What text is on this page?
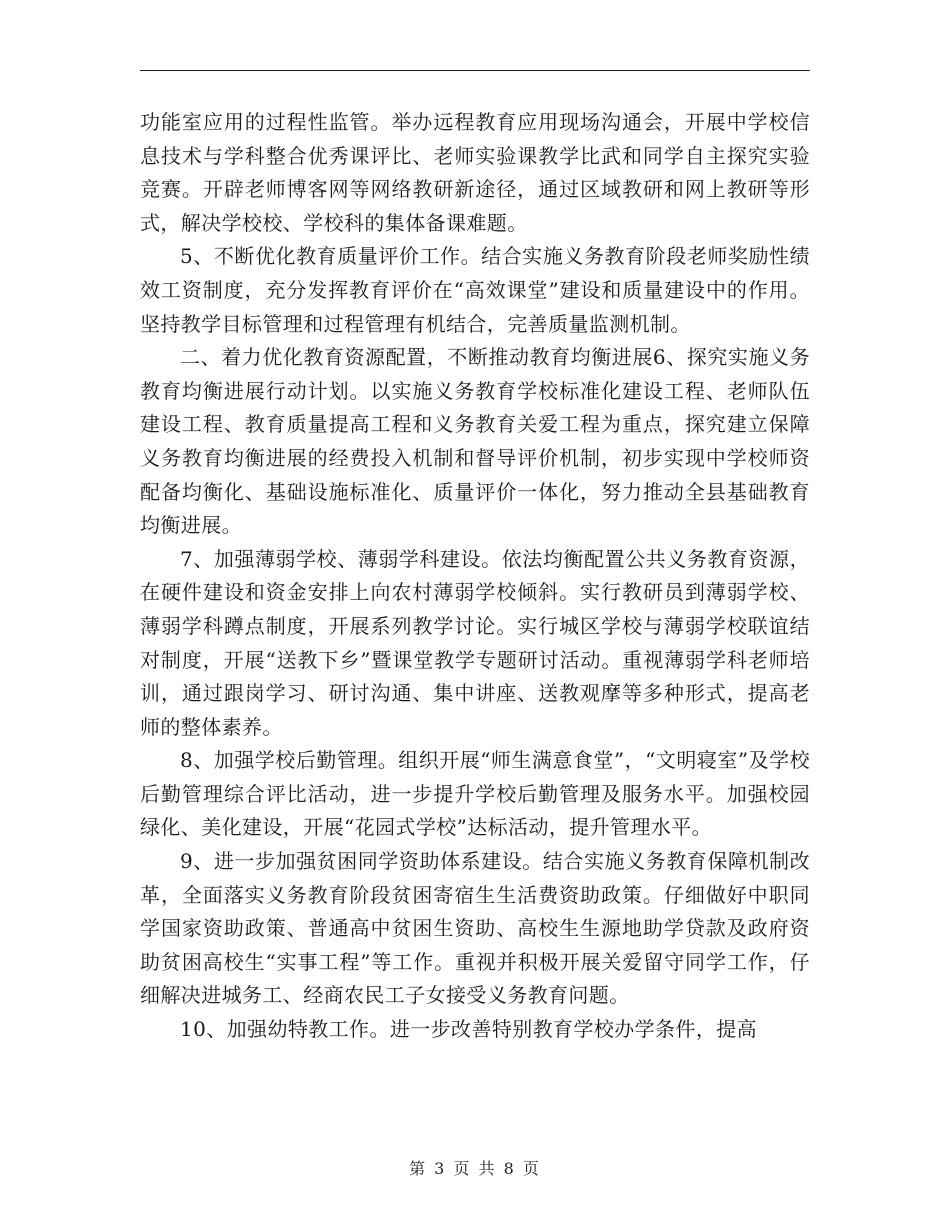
功能室应用的过程性监管。举办远程教育应用现场沟通会，开展中学校信息技术与学科整合优秀课评比、老师实验课教学比武和同学自主探究实验竞赛。开辟老师博客网等网络教研新途径，通过区域教研和网上教研等形式，解决学校校、学校科的集体备课难题。

5、不断优化教育质量评价工作。结合实施义务教育阶段老师奖励性绩效工资制度，充分发挥教育评价在“高效课堂”建设和质量建设中的作用。坚持教学目标管理和过程管理有机结合，完善质量监测机制。

二、着力优化教育资源配置，不断推动教育均衡进展6、探究实施义务教育均衡进展行动计划。以实施义务教育学校标准化建设工程、老师队伍建设工程、教育质量提高工程和义务教育关爱工程为重点，探究建立保障义务教育均衡进展的经费投入机制和督导评价机制，初步实现中学校师资配备均衡化、基础设施标准化、质量评价一体化，努力推动全县基础教育均衡进展。

7、加强薄弱学校、薄弱学科建设。依法均衡配置公共义务教育资源，在硬件建设和资金安排上向农村薄弱学校倾斜。实行教研员到薄弱学校、薄弱学科蹲点制度，开展系列教学讨论。实行城区学校与薄弱学校联谊结对制度，开展“送教下乡”暨课堂教学专题研讨活动。重视薄弱学科老师培训，通过跟岗学习、研讨沟通、集中讲座、送教观摩等多种形式，提高老师的整体素养。

8、加强学校后勤管理。组织开展“师生满意食堂”，“文明寝室”及学校后勤管理综合评比活动，进一步提升学校后勤管理及服务水平。加强校园绿化、美化建设，开展“花园式学校”达标活动，提升管理水平。

9、进一步加强贫困同学资助体系建设。结合实施义务教育保障机制改革，全面落实义务教育阶段贫困寄宿生生活费资助政策。仔细做好中职同学国家资助政策、普通高中贫困生资助、高校生生源地助学贷款及政府资助贫困高校生“实事工程”等工作。重视并积极开展关爱留守同学工作，仔细解决进城务工、经商农民工子女接受义务教育问题。

10、加强幼特教工作。进一步改善特别教育学校办学条件，提高

第 3 页 共 8 页
